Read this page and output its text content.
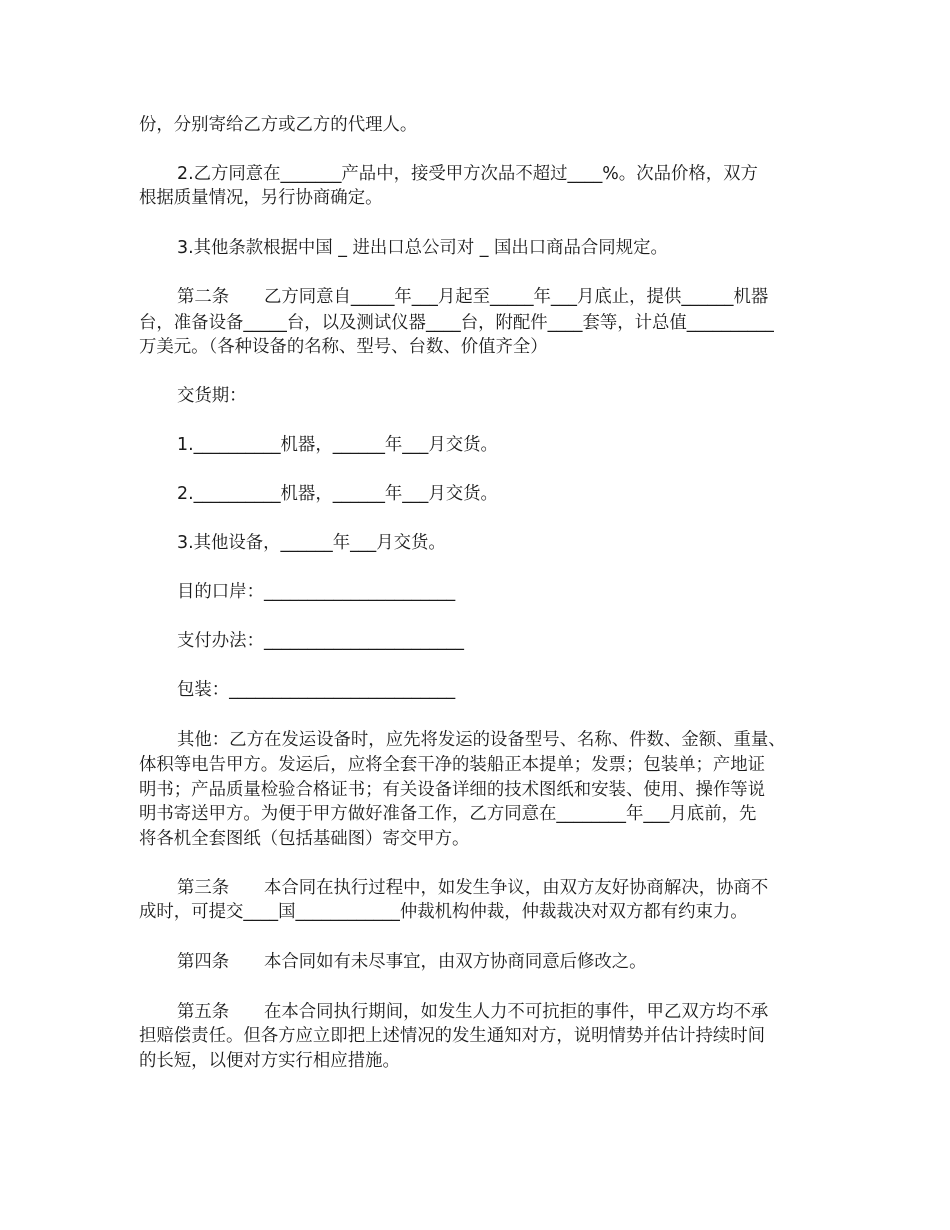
份，分别寄给乙方或乙方的代理人。
2.乙方同意在_______产品中，接受甲方次品不超过____%。次品价格，双方
根据质量情况，另行协商确定。
3.其他条款根据中国 _ 进出口总公司对 _ 国出口商品合同规定。
第二条　　乙方同意自_____年___月起至_____年___月底止，提供______机器
台，准备设备_____台，以及测试仪器____台，附配件____套等，计总值__________
万美元。（各种设备的名称、型号、台数、价值齐全）
交货期：
1.__________机器，______年___月交货。
2.__________机器，______年___月交货。
3.其他设备，______年___月交货。
目的口岸：______________________
支付办法：_______________________
包装：__________________________
其他：乙方在发运设备时，应先将发运的设备型号、名称、件数、金额、重量、
体积等电告甲方。发运后，应将全套干净的装船正本提单；发票；包装单；产地证
明书；产品质量检验合格证书；有关设备详细的技术图纸和安装、使用、操作等说
明书寄送甲方。为便于甲方做好准备工作，乙方同意在________年___月底前，先
将各机全套图纸（包括基础图）寄交甲方。
第三条　　本合同在执行过程中，如发生争议，由双方友好协商解决，协商不
成时，可提交____国____________仲裁机构仲裁，仲裁裁决对双方都有约束力。
第四条　　本合同如有未尽事宜，由双方协商同意后修改之。
第五条　　在本合同执行期间，如发生人力不可抗拒的事件，甲乙双方均不承
担赔偿责任。但各方应立即把上述情况的发生通知对方，说明情势并估计持续时间
的长短，以便对方实行相应措施。
